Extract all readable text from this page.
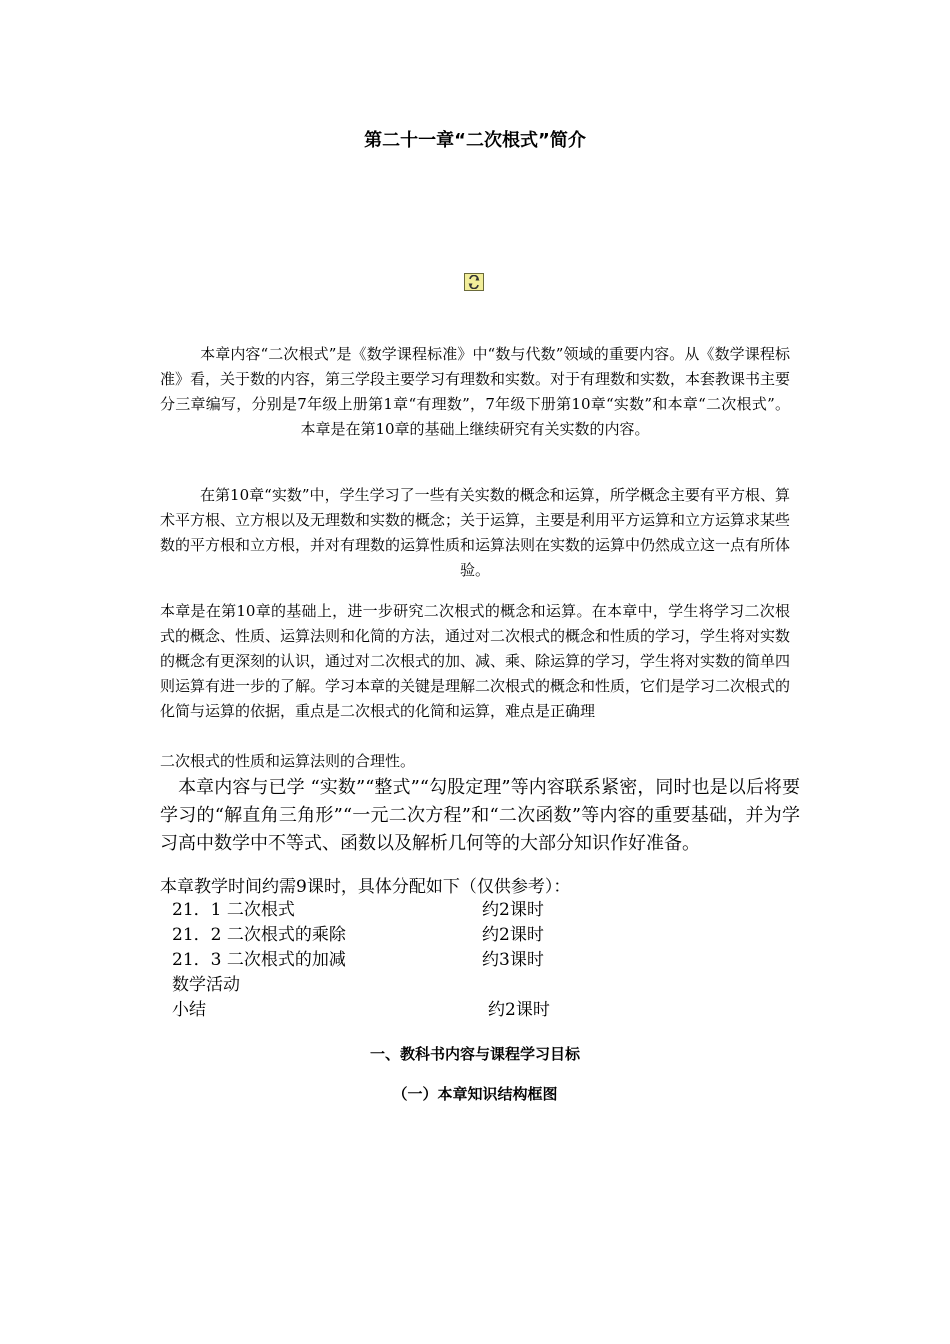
第二十一章“二次根式”简介
本章内容“二次根式”是《数学课程标准》中“数与代数”领域的重要内容。从《数学课程标准》看，关于数的内容，第三学段主要学习有理数和实数。对于有理数和实数，本套教课书主要分三章编写，分别是7年级上册第1章“有理数”，7年级下册第10章“实数”和本章“二次根式”。本章是在第10章的基础上继续研究有关实数的内容。
在第10章“实数”中，学生学习了一些有关实数的概念和运算，所学概念主要有平方根、算术平方根、立方根以及无理数和实数的概念；关于运算，主要是利用平方运算和立方运算求某些数的平方根和立方根，并对有理数的运算性质和运算法则在实数的运算中仍然成立这一点有所体验。
本章是在第10章的基础上，进一步研究二次根式的概念和运算。在本章中，学生将学习二次根式的概念、性质、运算法则和化简的方法，通过对二次根式的概念和性质的学习，学生将对实数的概念有更深刻的认识，通过对二次根式的加、减、乘、除运算的学习，学生将对实数的简单四则运算有进一步的了解。学习本章的关键是理解二次根式的概念和性质，它们是学习二次根式的化简与运算的依据，重点是二次根式的化简和运算，难点是正确理
二次根式的性质和运算法则的合理性。
本章内容与已学 “实数”“整式”“勾股定理”等内容联系紧密，同时也是以后将要学习的“解直角三角形”“一元二次方程”和“二次函数”等内容的重要基础，并为学习高中数学中不等式、函数以及解析几何等的大部分知识作好准备。
本章教学时间约需9课时，具体分配如下（仅供参考）：
21．1 二次根式	约2课时
21．2 二次根式的乘除	约2课时
21．3 二次根式的加减	约3课时
数学活动
小结	约2课时
一、教科书内容与课程学习目标
（一）本章知识结构框图
